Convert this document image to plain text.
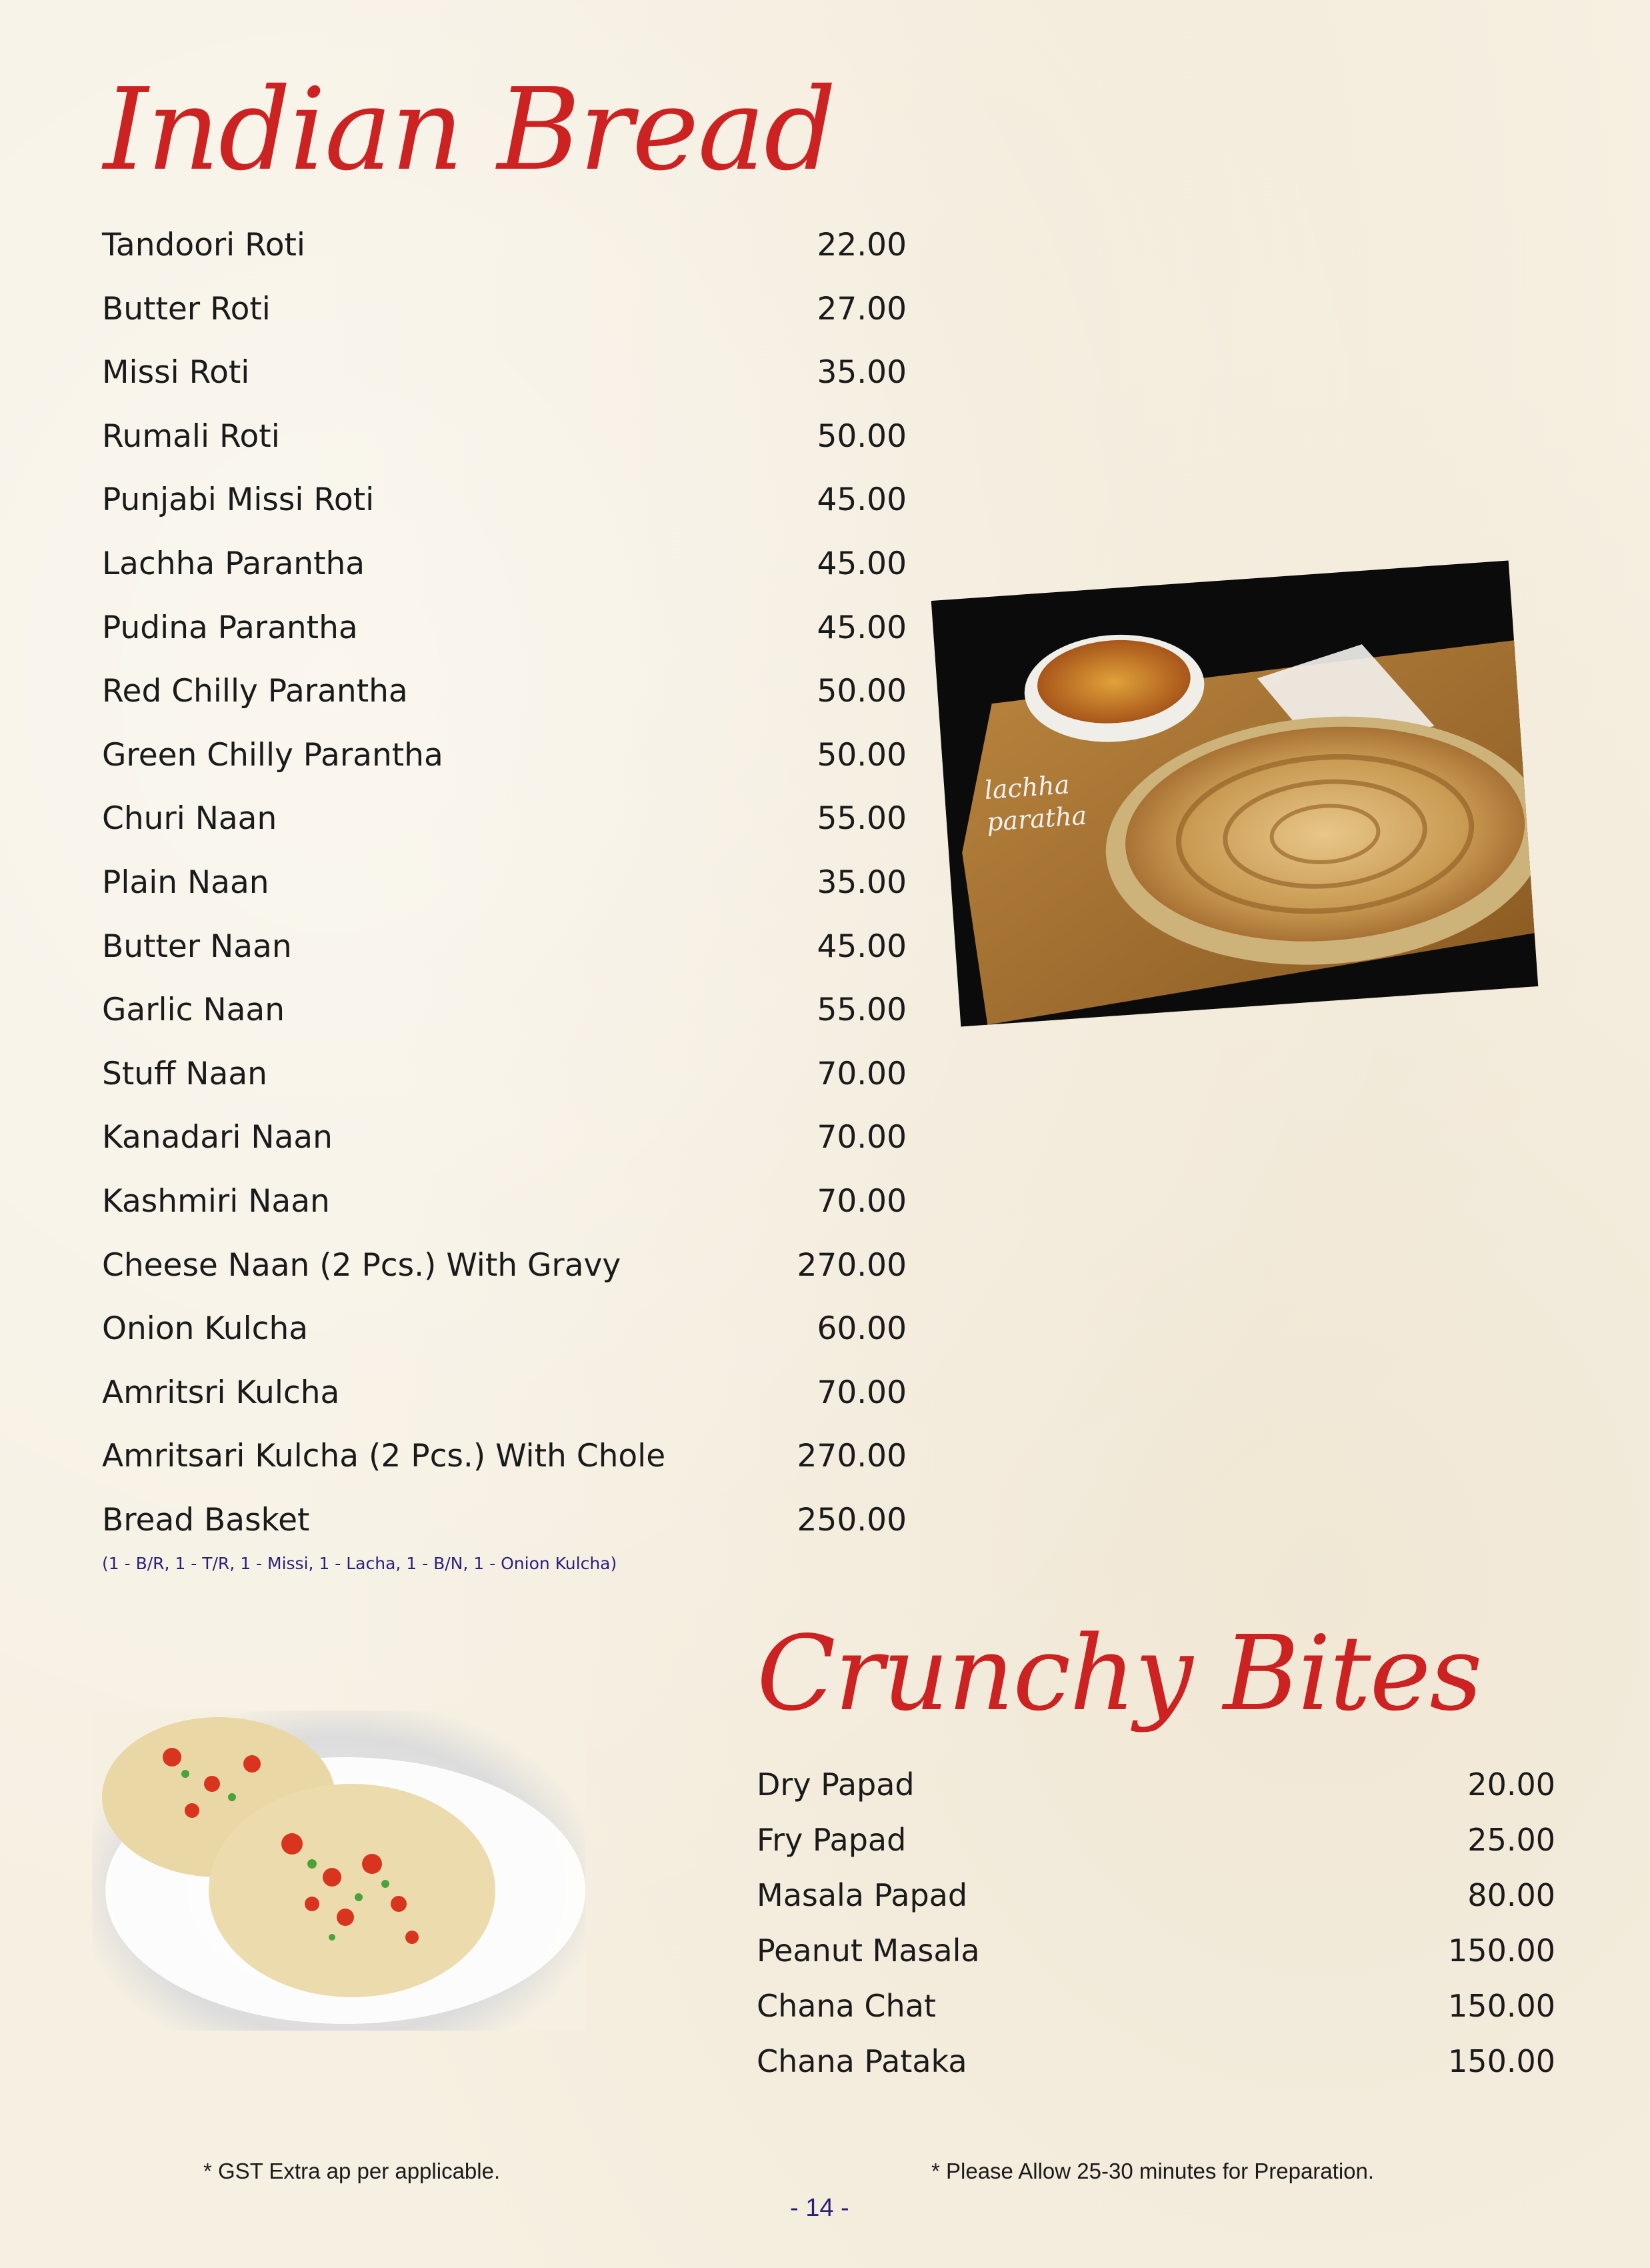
Indian Bread
Tandoori Roti	22.00
Butter Roti	27.00
Missi Roti	35.00
Rumali Roti	50.00
Punjabi Missi Roti	45.00
Lachha Parantha	45.00
Pudina Parantha	45.00
Red Chilly Parantha	50.00
Green Chilly Parantha	50.00
Churi Naan	55.00
Plain Naan	35.00
Butter Naan	45.00
Garlic Naan	55.00
Stuff Naan	70.00
Kanadari Naan	70.00
Kashmiri Naan	70.00
Cheese Naan (2 Pcs.) With Gravy	270.00
Onion Kulcha	60.00
Amritsri Kulcha	70.00
Amritsari Kulcha (2 Pcs.) With Chole	270.00
Bread Basket	250.00
(1 - B/R, 1 - T/R, 1 - Missi, 1 - Lacha, 1 - B/N, 1 - Onion Kulcha)
lachha paratha
Crunchy Bites
Dry Papad	20.00
Fry Papad	25.00
Masala Papad	80.00
Peanut Masala	150.00
Chana Chat	150.00
Chana Pataka	150.00
* GST Extra ap per applicable.	* Please Allow 25-30 minutes for Preparation.
- 14 -
